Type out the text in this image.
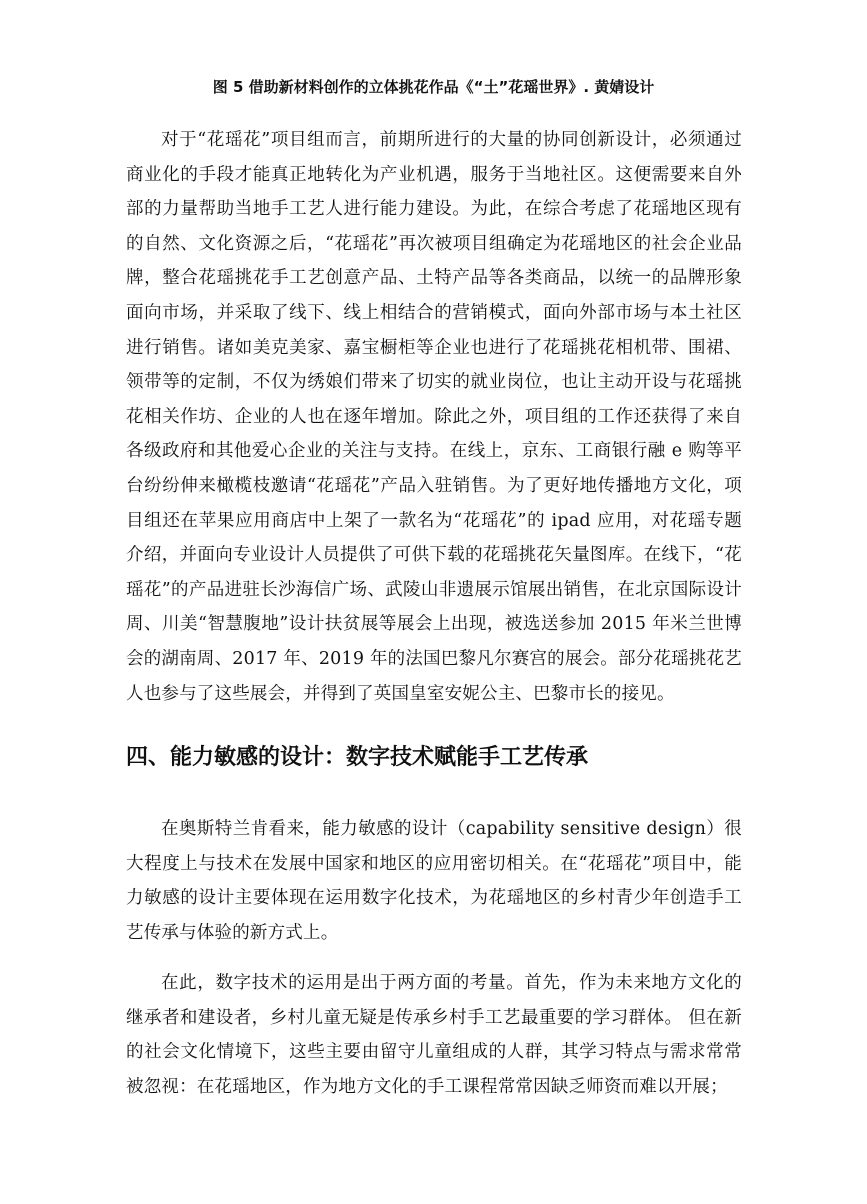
图 5 借助新材料创作的立体挑花作品《“土”花瑶世界》. 黄婧设计

对于“花瑶花”项目组而言，前期所进行的大量的协同创新设计，必须通过商业化的手段才能真正地转化为产业机遇，服务于当地社区。这便需要来自外部的力量帮助当地手工艺人进行能力建设。为此，在综合考虑了花瑶地区现有的自然、文化资源之后，“花瑶花”再次被项目组确定为花瑶地区的社会企业品牌，整合花瑶挑花手工艺创意产品、土特产品等各类商品，以统一的品牌形象面向市场，并采取了线下、线上相结合的营销模式，面向外部市场与本土社区进行销售。诸如美克美家、嘉宝橱柜等企业也进行了花瑶挑花相机带、围裙、领带等的定制，不仅为绣娘们带来了切实的就业岗位，也让主动开设与花瑶挑花相关作坊、企业的人也在逐年增加。除此之外，项目组的工作还获得了来自各级政府和其他爱心企业的关注与支持。在线上，京东、工商银行融 e 购等平台纷纷伸来橄榄枝邀请“花瑶花”产品入驻销售。为了更好地传播地方文化，项目组还在苹果应用商店中上架了一款名为“花瑶花”的 ipad 应用，对花瑶专题介绍，并面向专业设计人员提供了可供下载的花瑶挑花矢量图库。在线下，“花瑶花”的产品进驻长沙海信广场、武陵山非遗展示馆展出销售，在北京国际设计周、川美“智慧腹地”设计扶贫展等展会上出现，被选送参加 2015 年米兰世博会的湖南周、2017 年、2019 年的法国巴黎凡尔赛宫的展会。部分花瑶挑花艺人也参与了这些展会，并得到了英国皇室安妮公主、巴黎市长的接见。

四、能力敏感的设计：数字技术赋能手工艺传承

在奥斯特兰肯看来，能力敏感的设计（capability sensitive design）很大程度上与技术在发展中国家和地区的应用密切相关。在“花瑶花”项目中，能力敏感的设计主要体现在运用数字化技术，为花瑶地区的乡村青少年创造手工艺传承与体验的新方式上。

在此，数字技术的运用是出于两方面的考量。首先，作为未来地方文化的继承者和建设者，乡村儿童无疑是传承乡村手工艺最重要的学习群体。 但在新的社会文化情境下，这些主要由留守儿童组成的人群，其学习特点与需求常常被忽视：在花瑶地区，作为地方文化的手工课程常常因缺乏师资而难以开展；
